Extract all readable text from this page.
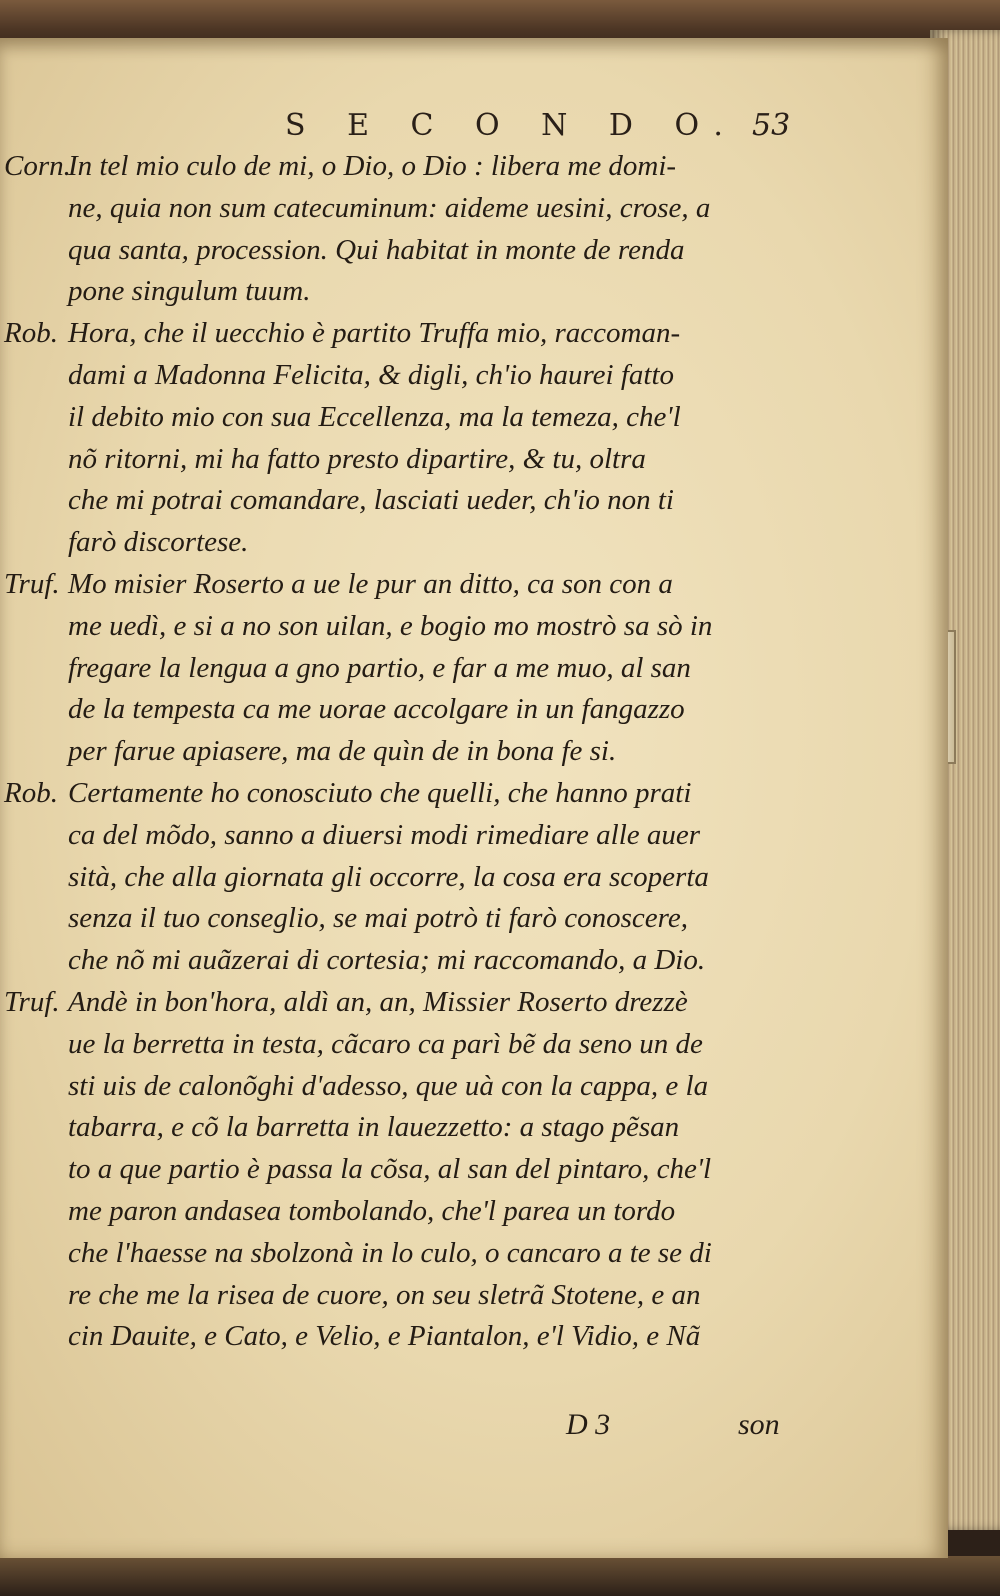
S E C O N D O. 53
Corn.
In tel mio culo de mi, o Dio, o Dio : libera me domi-
ne, quia non sum catecuminum: aideme uesini, crose, a
qua santa, procession. Qui habitat in monte de renda
pone singulum tuum.
Rob. Hora, che il uecchio è partito Truffa mio, raccoman-
dami a Madonna Felicita, & digli, ch'io haurei fatto
il debito mio con sua Eccellenza, ma la temeza, che'l
nõ ritorni, mi ha fatto presto dipartire, & tu, oltra
che mi potrai comandare, lasciati ueder, ch'io non ti
farò discortese.
Truf. Mo misier Roserto a ue le pur an ditto, ca son con a
me uedì, e si a no son uilan, e bogio mo mostrò sa sò in
fregare la lengua a gno partio, e far a me muo, al san
de la tempesta ca me uorae accolgare in un fangazzo
per farue apiasere, ma de quìn de in bona fe si.
Rob. Certamente ho conosciuto che quelli, che hanno prati
ca del mõdo, sanno a diuersi modi rimediare alle auer
sità, che alla giornata gli occorre, la cosa era scoperta
senza il tuo conseglio, se mai potrò ti farò conoscere,
che nõ mi auãzerai di cortesia; mi raccomando, a Dio.
Truf. Andè in bon'hora, aldì an, an, Missier Roserto drezzè
ue la berretta in testa, cãcaro ca parì bẽ da seno un de
sti uis de calonõghi d'adesso, que uà con la cappa, e la
tabarra, e cõ la barretta in lauezzetto: a stago pẽsan
to a que partio è passa la cõsa, al san del pintaro, che'l
me paron andasea tombolando, che'l parea un tordo
che l'haesse na sbolzonà in lo culo, o cancaro a te se di
re che me la risea de cuore, on seu sletrã Stotene, e an
cin Dauite, e Cato, e Velio, e Piantalon, e'l Vidio, e Nã
D 3	son
